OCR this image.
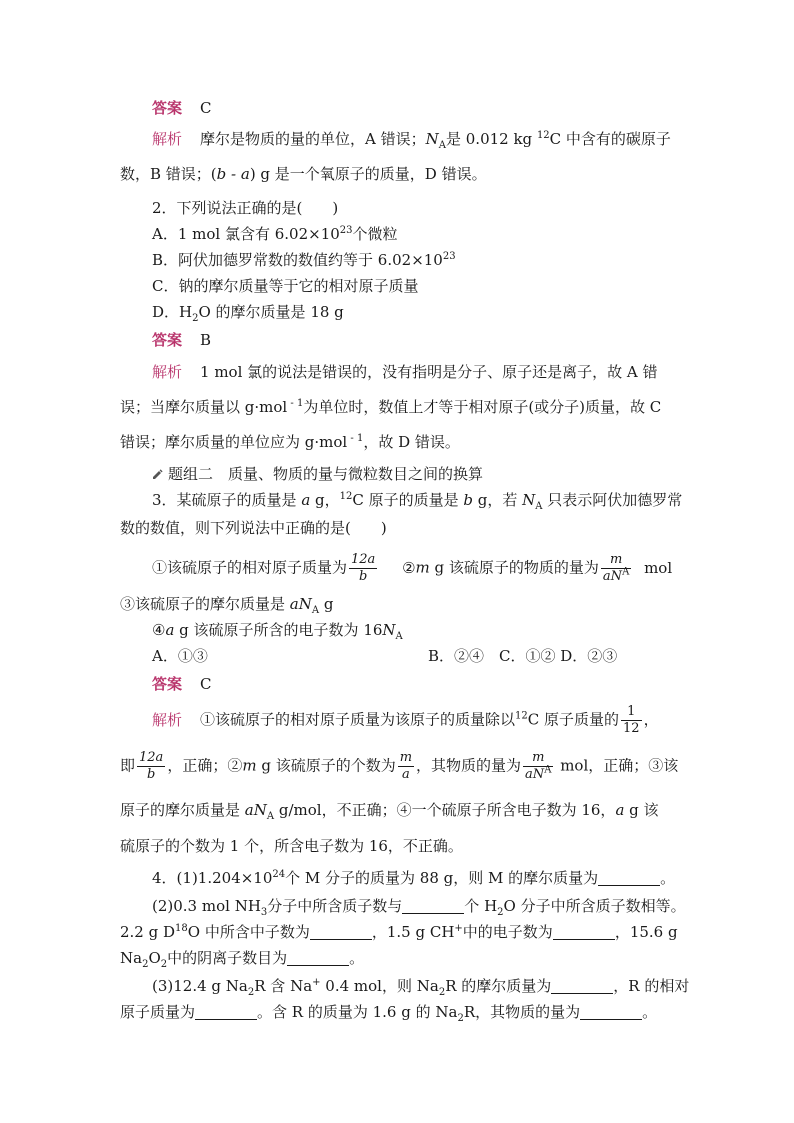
答案 C
解析 摩尔是物质的量的单位，A 错误；$N_A$是 0.012 kg $^{12}$C 中含有的碳原子
数，B 错误；(b - a) g 是一个氧原子的质量，D 错误。
2．下列说法正确的是(　　)
A．1 mol 氯含有 $6.02\times 10^{23}$个微粒
B．阿伏加德罗常数的数值约等于 $6.02\times 10^{23}$
C．钠的摩尔质量等于它的相对原子质量
D．$H_2O$ 的摩尔质量是 18 g
答案 B
解析 1 mol 氯的说法是错误的，没有指明是分子、原子还是离子，故 A 错
误；当摩尔质量以 g·mol $^{- 1}$为单位时，数值上才等于相对原子(或分子)质量，故 C
错误；摩尔质量的单位应为 g·mol $^{- 1}$，故 D 错误。
题组二　质量、物质的量与微粒数目之间的换算
3．某硫原子的质量是 a g，$^{12}$C 原子的质量是 b g，若 $N_A$ 只表示阿伏加德罗常
数的数值，则下列说法中正确的是(　　)
①该硫原子的相对原子质量为 $\frac{12a}{b}$ ②m g 该硫原子的物质的量为 $\frac{m}{aN^A}$ mol
③该硫原子的摩尔质量是 $aN_A$ g
④a g 该硫原子所含的电子数为 $16N_A$
A．①③	B．②④　C．①② D．②③
答案 C
解析 ①该硫原子的相对原子质量为该原子的质量除以$^{12}$C 原子质量的 $\frac{1}{12}$ ，
即 $\frac{12a}{b}$ ，正确；②m g 该硫原子的个数为 $\frac{m}{a}$ ，其物质的量为 $\frac{m}{aN^A}$ mol，正确；③该
原子的摩尔质量是 $aN_A$ g/mol，不正确；④一个硫原子所含电子数为 16，a g 该
硫原子的个数为 1 个，所含电子数为 16，不正确。
4．$(1)1.204\times 10^{24}$个 M 分子的质量为 88 g，则 M 的摩尔质量为	。
(2)0.3 mol $NH_3$分子中所含质子数与	个 $H_2O$ 分子中所含质子数相等。
2.2 g $D^{18}O$ 中所含中子数为	，1.5 g CH+中的电子数为	，15.6 g
$Na_2O_2$中的阴离子数目为	。
(3)12.4 g $Na_2R$ 含 Na+ 0.4 mol，则 $Na_2R$ 的摩尔质量为	，R 的相对
原子质量为	。含 R 的质量为 1.6 g 的 $Na_2R$，其物质的量为	。
